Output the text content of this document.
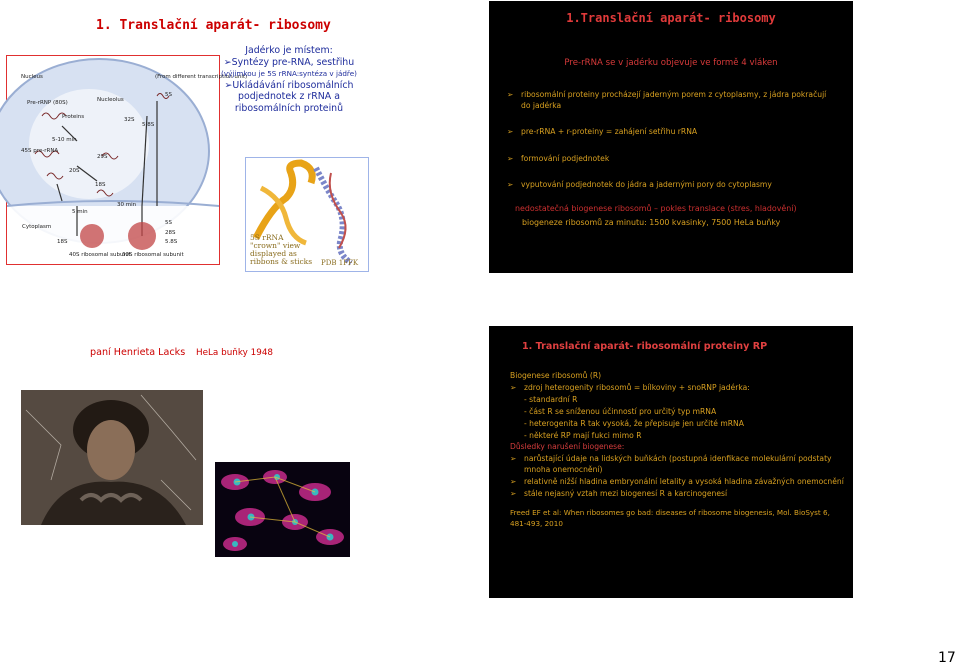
1. Translační aparát- ribosomy
Nucleus	(From different transcription unit)
5S
Pre-rRNP (80S)	Nucleolus
Proteins	32S
5.8S
5-10 min
45S pre-rRNA
20S
29S
18S
5 min
30 min
Cytoplasm
18S
28S
5.8S
5S
40S ribosomal subunit
60S ribosomal subunit
Jadérko je místem:
➢Syntézy pre-RNA, sestřihu
(výjimkou je 5S rRNA:syntéza v jádře)
➢Ukládávání ribosomálních
podjednotek z rRNA a
ribosomálních proteinů
5S rRNA
"crown" view
displayed as
ribbons & sticks PDB 1FFK
1.Translační aparát- ribosomy
Pre-rRNA se v jadérku objevuje ve formě 4 vláken
➢	ribosomální proteiny procházejí jaderným porem z cytoplasmy, z jádra pokračují do jadérka
➢	pre-rRNA + r-proteiny = zahájení setřihu rRNA
➢	formování podjednotek
➢	vyputování podjednotek do jádra a jadernými pory do cytoplasmy
nedostatečná biogenese ribosomů – pokles translace (stres, hladovění)
biogeneze ribosomů za minutu: 1500 kvasinky, 7500 HeLa buňky
paní Henrieta Lacks HeLa buňky 1948
1. Translační aparát- ribosomální proteiny RP
Biogenese ribosomů (R)
➢ zdroj heterogenity ribosomů = bílkoviny + snoRNP jadérka:
- standardní R
- část R se sníženou účinností pro určitý typ mRNA
- heterogenita R tak vysoká, že přepisuje jen určité mRNA
- některé RP mají fukci mimo R
Důsledky narušení biogenese:
➢ narůstající údaje na lidských buňkách (postupná idenfikace molekulární podstaty
mnoha onemocnění)
➢ relativně nižší hladina embryonální letality a vysoká hladina závažných onemocnění
➢ stále nejasný vztah mezi biogenesí R a karcinogenesí
Freed EF et al: When ribosomes go bad: diseases of ribosome biogenesis, Mol. BioSyst 6, 481-493, 2010
17
